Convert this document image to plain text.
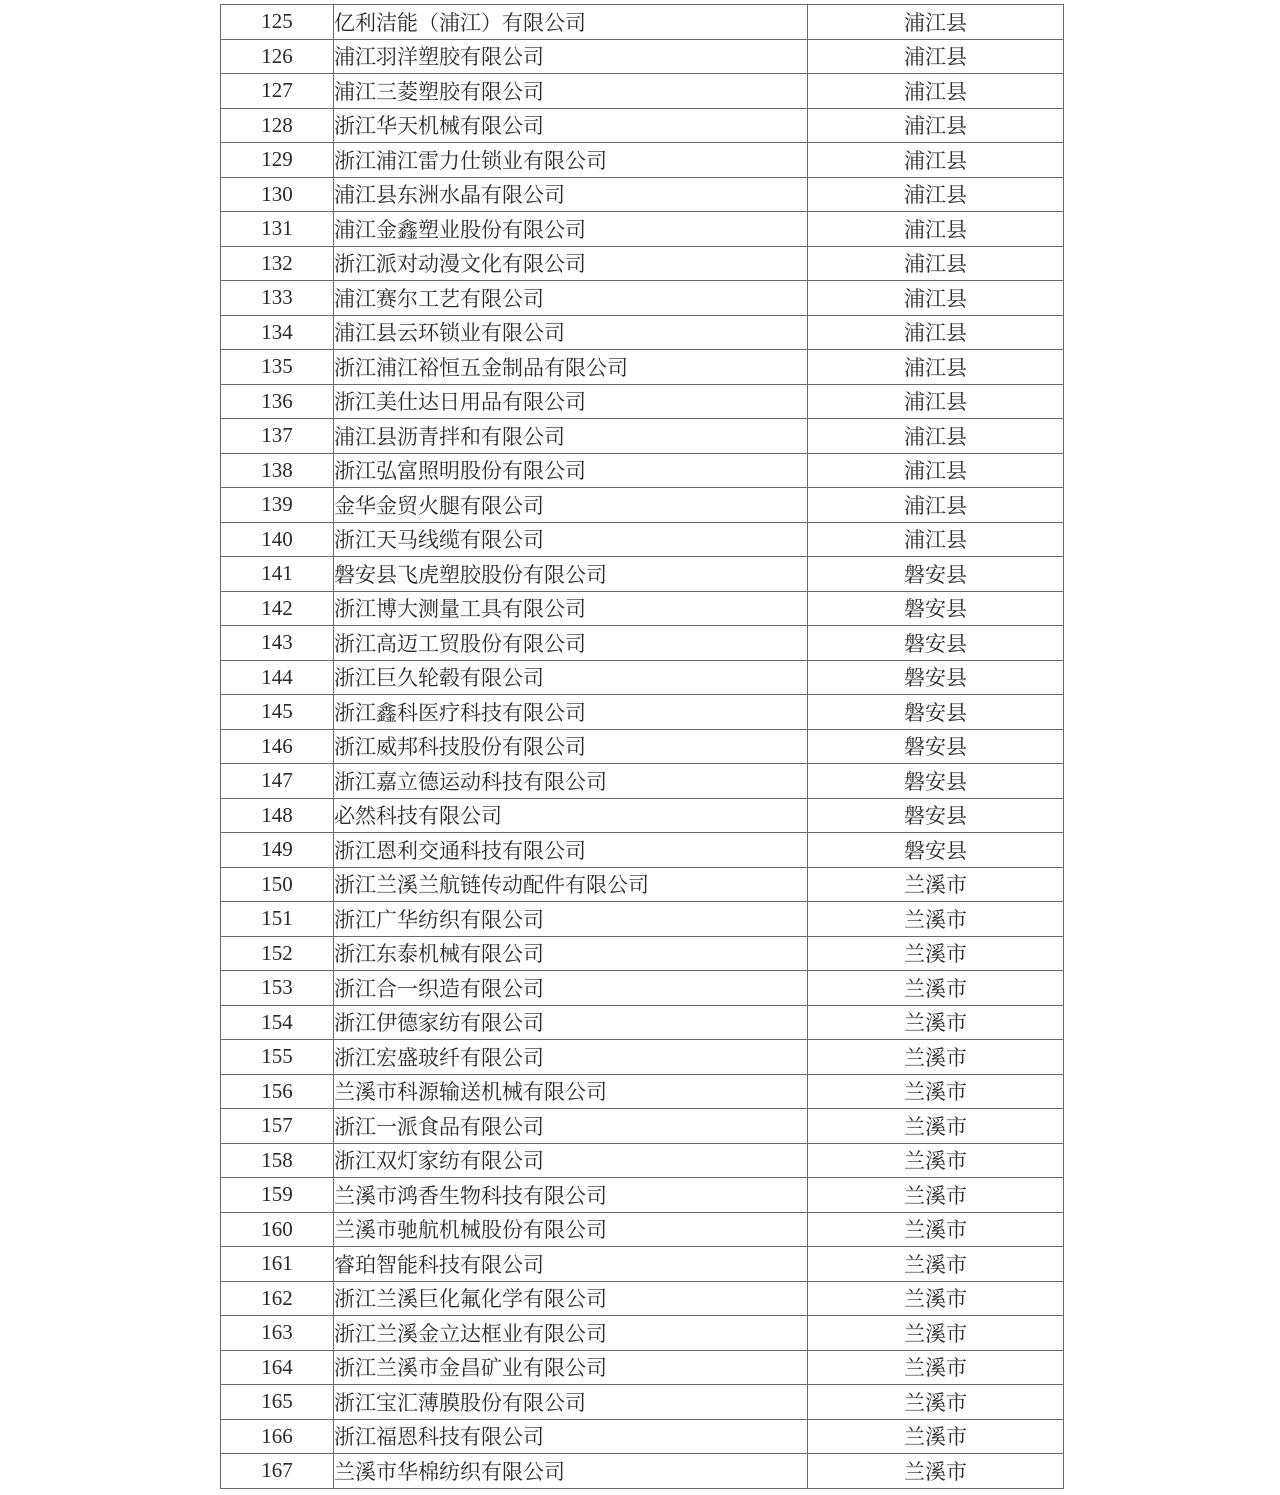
125	亿利洁能（浦江）有限公司	浦江县
126	浦江羽洋塑胶有限公司	浦江县
127	浦江三菱塑胶有限公司	浦江县
128	浙江华天机械有限公司	浦江县
129	浙江浦江雷力仕锁业有限公司	浦江县
130	浦江县东洲水晶有限公司	浦江县
131	浦江金鑫塑业股份有限公司	浦江县
132	浙江派对动漫文化有限公司	浦江县
133	浦江赛尔工艺有限公司	浦江县
134	浦江县云环锁业有限公司	浦江县
135	浙江浦江裕恒五金制品有限公司	浦江县
136	浙江美仕达日用品有限公司	浦江县
137	浦江县沥青拌和有限公司	浦江县
138	浙江弘富照明股份有限公司	浦江县
139	金华金贸火腿有限公司	浦江县
140	浙江天马线缆有限公司	浦江县
141	磐安县飞虎塑胶股份有限公司	磐安县
142	浙江博大测量工具有限公司	磐安县
143	浙江高迈工贸股份有限公司	磐安县
144	浙江巨久轮毂有限公司	磐安县
145	浙江鑫科医疗科技有限公司	磐安县
146	浙江威邦科技股份有限公司	磐安县
147	浙江嘉立德运动科技有限公司	磐安县
148	必然科技有限公司	磐安县
149	浙江恩利交通科技有限公司	磐安县
150	浙江兰溪兰航链传动配件有限公司	兰溪市
151	浙江广华纺织有限公司	兰溪市
152	浙江东泰机械有限公司	兰溪市
153	浙江合一织造有限公司	兰溪市
154	浙江伊德家纺有限公司	兰溪市
155	浙江宏盛玻纤有限公司	兰溪市
156	兰溪市科源输送机械有限公司	兰溪市
157	浙江一派食品有限公司	兰溪市
158	浙江双灯家纺有限公司	兰溪市
159	兰溪市鸿香生物科技有限公司	兰溪市
160	兰溪市驰航机械股份有限公司	兰溪市
161	睿珀智能科技有限公司	兰溪市
162	浙江兰溪巨化氟化学有限公司	兰溪市
163	浙江兰溪金立达框业有限公司	兰溪市
164	浙江兰溪市金昌矿业有限公司	兰溪市
165	浙江宝汇薄膜股份有限公司	兰溪市
166	浙江福恩科技有限公司	兰溪市
167	兰溪市华棉纺织有限公司	兰溪市
